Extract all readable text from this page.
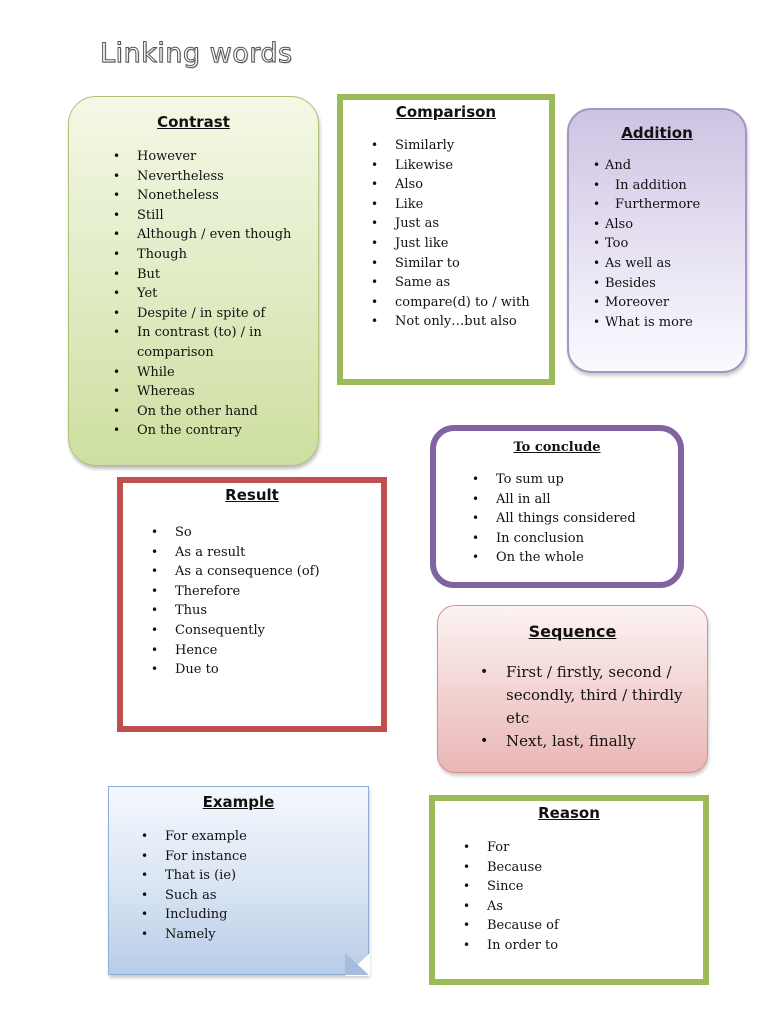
Linking words
Contrast
• However
• Nevertheless
• Nonetheless
• Still
• Although / even though
• Though
• But
• Yet
• Despite / in spite of
• In contrast (to) / in comparison
• While
• Whereas
• On the other hand
• On the contrary
Comparison
• Similarly
• Likewise
• Also
• Like
• Just as
• Just like
• Similar to
• Same as
• compare(d) to / with
• Not only…but also
Addition
• And
• In addition
• Furthermore
• Also
• Too
• As well as
• Besides
• Moreover
• What is more
To conclude
• To sum up
• All in all
• All things considered
• In conclusion
• On the whole
Result
• So
• As a result
• As a consequence (of)
• Therefore
• Thus
• Consequently
• Hence
• Due to
Sequence
• First / firstly, second / secondly, third / thirdly etc
• Next, last, finally
Example
• For example
• For instance
• That is (ie)
• Such as
• Including
• Namely
Reason
• For
• Because
• Since
• As
• Because of
• In order to
